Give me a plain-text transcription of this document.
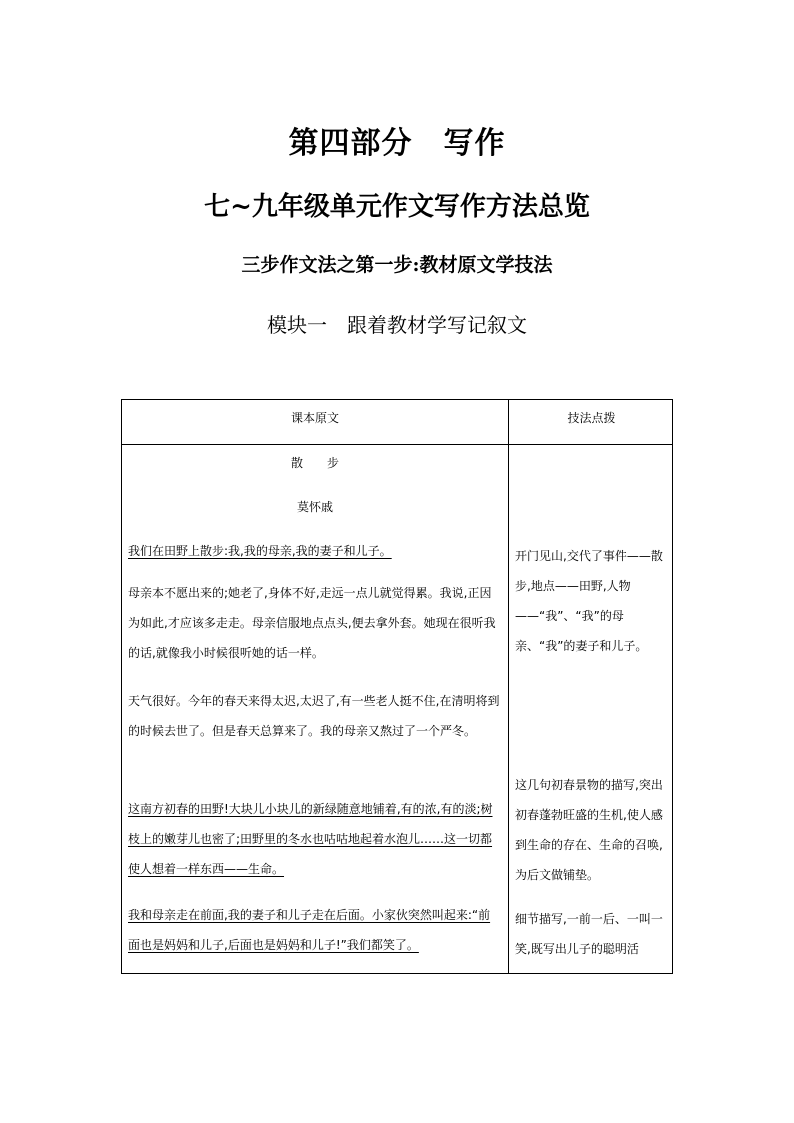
第四部分　写作
七~九年级单元作文写作方法总览
三步作文法之第一步:教材原文学技法
模块一　跟着教材学写记叙文
课本原文	技法点拨
散　　步
莫怀戚

我们在田野上散步:我,我的母亲,我的妻子和儿子。

母亲本不愿出来的;她老了,身体不好,走远一点儿就觉得累。我说,正因为如此,才应该多走走。母亲信服地点点头,便去拿外套。她现在很听我的话,就像我小时候很听她的话一样。

天气很好。今年的春天来得太迟,太迟了,有一些老人挺不住,在清明将到的时候去世了。但是春天总算来了。我的母亲又熬过了一个严冬。

这南方初春的田野!大块儿小块儿的新绿随意地铺着,有的浓,有的淡;树枝上的嫩芽儿也密了;田野里的冬水也咕咕地起着水泡儿……这一切都使人想着一样东西——生命。

我和母亲走在前面,我的妻子和儿子走在后面。小家伙突然叫起来:“前面也是妈妈和儿子,后面也是妈妈和儿子!”我们都笑了。

开门见山,交代了事件——散步,地点——田野,人物——“我”、“我”的母亲、“我”的妻子和儿子。

这几句初春景物的描写,突出初春蓬勃旺盛的生机,使人感到生命的存在、生命的召唤,为后文做铺垫。

细节描写,一前一后、一叫一笑,既写出儿子的聪明活
